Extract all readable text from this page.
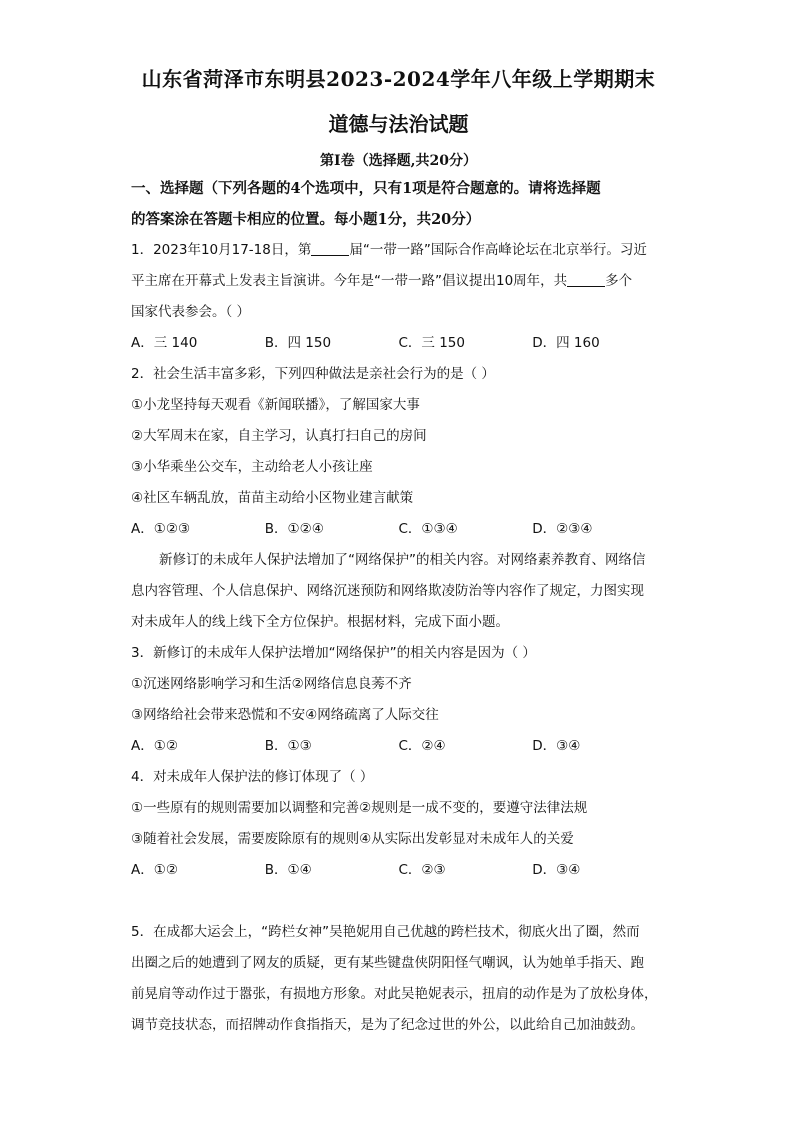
山东省菏泽市东明县2023-2024学年八年级上学期期末
道德与法治试题
第Ⅰ卷（选择题,共20分）
一、选择题（下列各题的4个选项中，只有1项是符合题意的。请将选择题
的答案涂在答题卡相应的位置。每小题1分，共20分）
1．2023年10月17-18日，第	届“一带一路”国际合作高峰论坛在北京举行。习近
平主席在开幕式上发表主旨演讲。今年是“一带一路”倡议提出10周年，共	多个
国家代表参会。（ ）
A．三 140	B．四 150	C．三 150	D．四 160
2．社会生活丰富多彩，下列四种做法是亲社会行为的是（ ）
①小龙坚持每天观看《新闻联播》，了解国家大事
②大军周末在家，自主学习，认真打扫自己的房间
③小华乘坐公交车，主动给老人小孩让座
④社区车辆乱放，苗苗主动给小区物业建言献策
A．①②③	B．①②④	C．①③④	D．②③④
新修订的未成年人保护法增加了“网络保护”的相关内容。对网络素养教育、网络信
息内容管理、个人信息保护、网络沉迷预防和网络欺凌防治等内容作了规定，力图实现
对未成年人的线上线下全方位保护。根据材料，完成下面小题。
3．新修订的未成年人保护法增加“网络保护”的相关内容是因为（ ）
①沉迷网络影响学习和生活②网络信息良莠不齐
③网络给社会带来恐慌和不安④网络疏离了人际交往
A．①②	B．①③	C．②④	D．③④
4．对未成年人保护法的修订体现了（ ）
①一些原有的规则需要加以调整和完善②规则是一成不变的，要遵守法律法规
③随着社会发展，需要废除原有的规则④从实际出发彰显对未成年人的关爱
A．①②	B．①④	C．②③	D．③④
5．在成都大运会上，“跨栏女神”吴艳妮用自己优越的跨栏技术，彻底火出了圈，然而
出圈之后的她遭到了网友的质疑，更有某些键盘侠阴阳怪气嘲讽，认为她单手指天、跑
前晃肩等动作过于嚣张，有损地方形象。对此吴艳妮表示，扭肩的动作是为了放松身体，
调节竞技状态，而招牌动作食指指天，是为了纪念过世的外公，以此给自己加油鼓劲。
